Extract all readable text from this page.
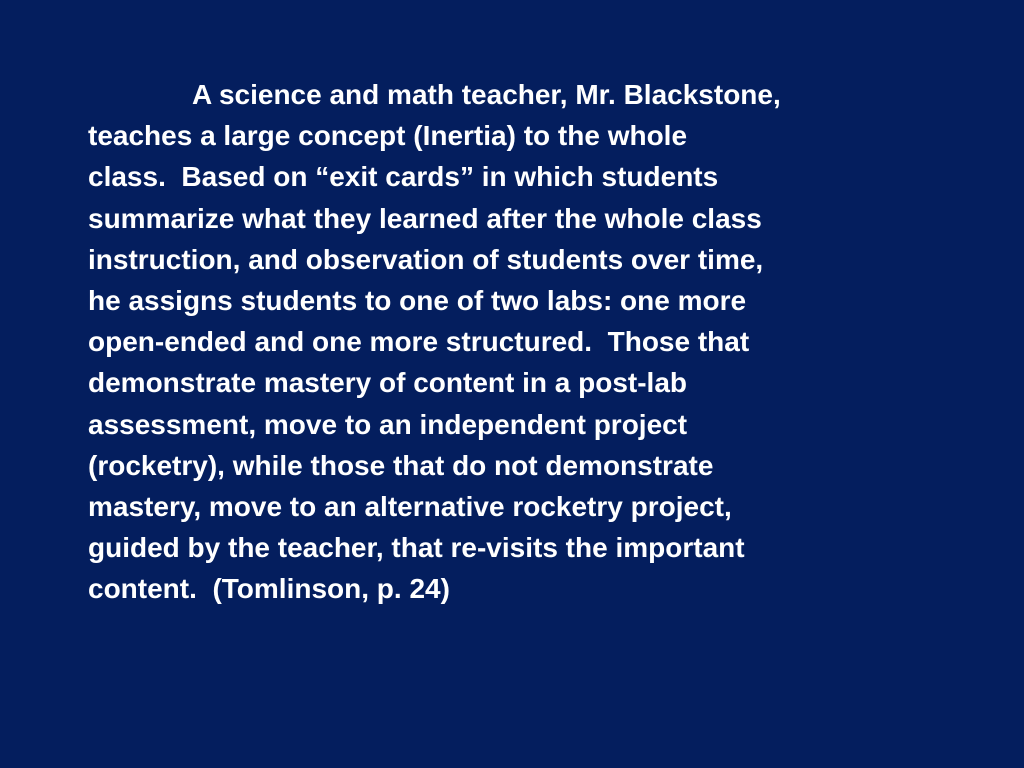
A science and math teacher, Mr. Blackstone,
teaches a large concept (Inertia) to the whole
class.  Based on “exit cards” in which students
summarize what they learned after the whole class
instruction, and observation of students over time,
he assigns students to one of two labs: one more
open-ended and one more structured.  Those that
demonstrate mastery of content in a post-lab
assessment, move to an independent project
(rocketry), while those that do not demonstrate
mastery, move to an alternative rocketry project,
guided by the teacher, that re-visits the important
content.  (Tomlinson, p. 24)
